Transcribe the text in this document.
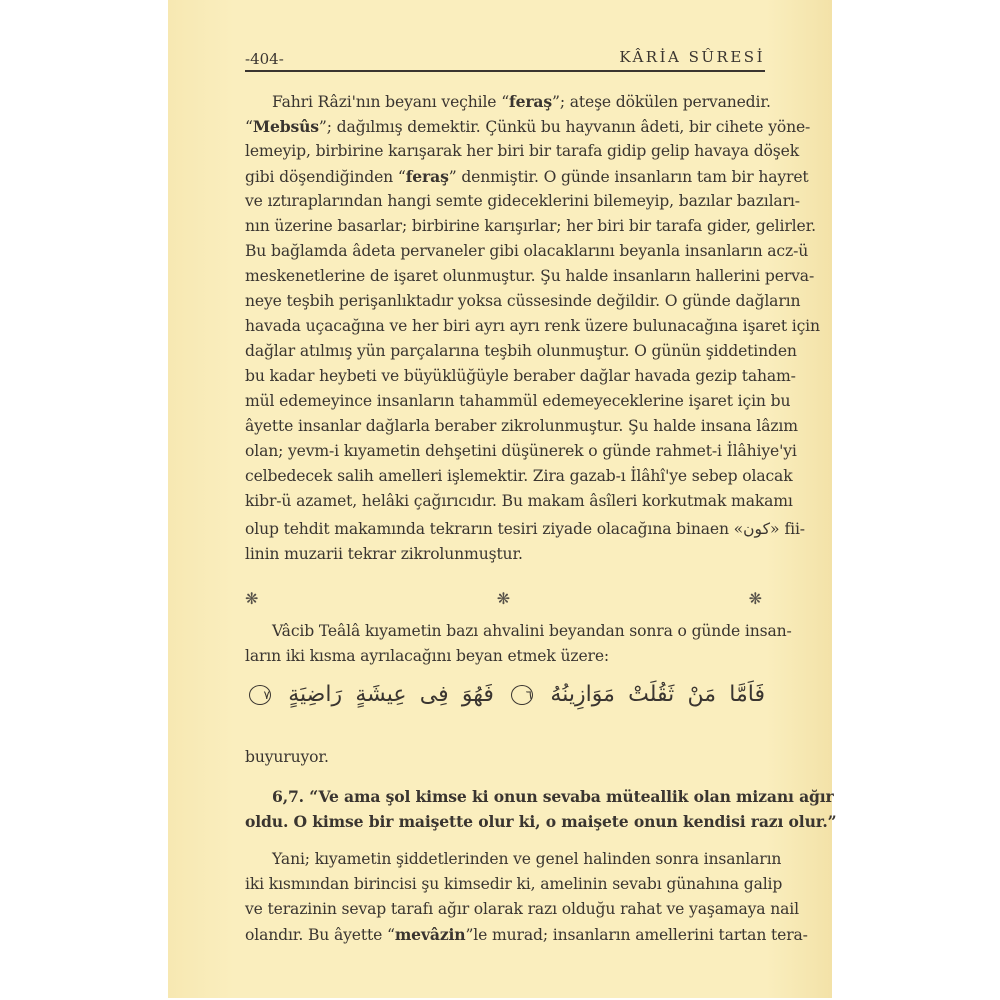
-404-	KÂRİA SÛRESİ
Fahri Râzi'nın beyanı veçhile “feraş”; ateşe dökülen pervanedir.
“Mebsûs”; dağılmış demektir. Çünkü bu hayvanın âdeti, bir cihete yöne-
lemeyip, birbirine karışarak her biri bir tarafa gidip gelip havaya döşek
gibi döşendiğinden “feraş” denmiştir. O günde insanların tam bir hayret
ve ıztıraplarından hangi semte gideceklerini bilemeyip, bazılar bazıları-
nın üzerine basarlar; birbirine karışırlar; her biri bir tarafa gider, gelirler.
Bu bağlamda âdeta pervaneler gibi olacaklarını beyanla insanların acz-ü
meskenetlerine de işaret olunmuştur. Şu halde insanların hallerini perva-
neye teşbih perişanlıktadır yoksa cüssesinde değildir. O günde dağların
havada uçacağına ve her biri ayrı ayrı renk üzere bulunacağına işaret için
dağlar atılmış yün parçalarına teşbih olunmuştur. O günün şiddetinden
bu kadar heybeti ve büyüklüğüyle beraber dağlar havada gezip taham-
mül edemeyince insanların tahammül edemeyeceklerine işaret için bu
âyette insanlar dağlarla beraber zikrolunmuştur. Şu halde insana lâzım
olan; yevm-i kıyametin dehşetini düşünerek o günde rahmet-i İlâhiye'yi
celbedecek salih amelleri işlemektir. Zira gazab-ı İlâhî'ye sebep olacak
kibr-ü azamet, helâki çağırıcıdır. Bu makam âsîleri korkutmak makamı
olup tehdit makamında tekrarın tesiri ziyade olacağına binaen «كون» fii-
linin muzarii tekrar zikrolunmuştur.
❋ ❋ ❋
Vâcib Teâlâ kıyametin bazı ahvalini beyandan sonra o günde insan-
ların iki kısma ayrılacağını beyan etmek üzere:
فَاَمَّا مَنْ ثَقُلَتْ مَوَازِينُهُ ٦ فَهُوَ فِى عِيشَةٍ رَاضِيَةٍ ٧
buyuruyor.
6,7. “Ve ama şol kimse ki onun sevaba müteallik olan mizanı ağır
oldu. O kimse bir maişette olur ki, o maişete onun kendisi razı olur.”
Yani; kıyametin şiddetlerinden ve genel halinden sonra insanların
iki kısmından birincisi şu kimsedir ki, amelinin sevabı günahına galip
ve terazinin sevap tarafı ağır olarak razı olduğu rahat ve yaşamaya nail
olandır. Bu âyette “mevâzin”le murad; insanların amellerini tartan tera-
